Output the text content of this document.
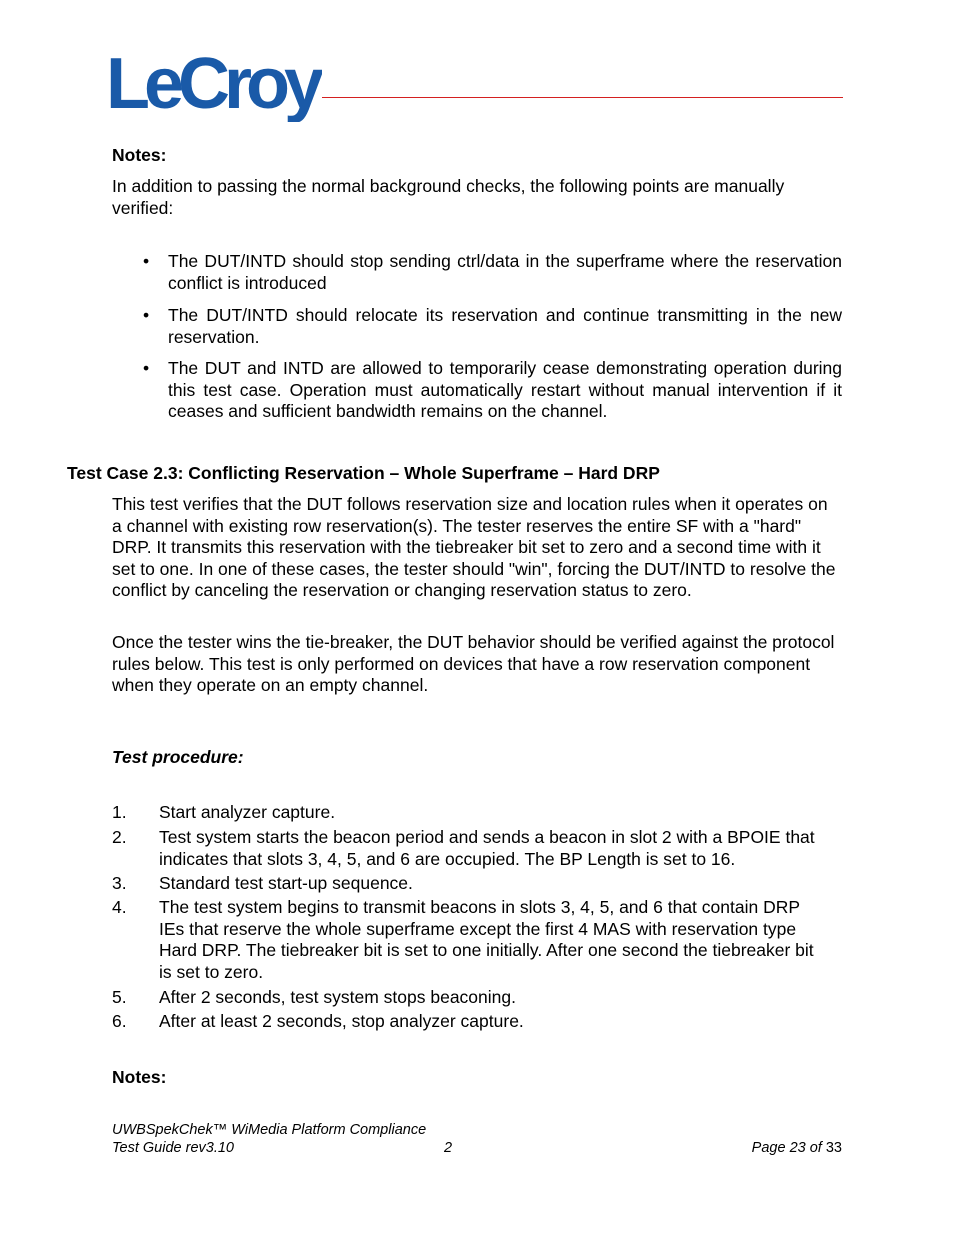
LeCroy
Notes:
In addition to passing the normal background checks, the following points are manually verified:
•	The DUT/INTD should stop sending ctrl/data in the superframe where the reservation conflict is introduced
•	The DUT/INTD should relocate its reservation and continue transmitting in the new reservation.
•	The DUT and INTD are allowed to temporarily cease demonstrating operation during this test case. Operation must automatically restart without manual intervention if it ceases and sufficient bandwidth remains on the channel.
Test Case 2.3: Conflicting Reservation – Whole Superframe – Hard DRP
This test verifies that the DUT follows reservation size and location rules when it operates on a channel with existing row reservation(s). The tester reserves the entire SF with a "hard" DRP. It transmits this reservation with the tiebreaker bit set to zero and a second time with it set to one. In one of these cases, the tester should "win", forcing the DUT/INTD to resolve the conflict by canceling the reservation or changing reservation status to zero.
Once the tester wins the tie-breaker, the DUT behavior should be verified against the protocol rules below. This test is only performed on devices that have a row reservation component when they operate on an empty channel.
Test procedure:
1.	Start analyzer capture.
2.	Test system starts the beacon period and sends a beacon in slot 2 with a BPOIE that indicates that slots 3, 4, 5, and 6 are occupied. The BP Length is set to 16.
3.	Standard test start-up sequence.
4.	The test system begins to transmit beacons in slots 3, 4, 5, and 6 that contain DRP IEs that reserve the whole superframe except the first 4 MAS with reservation type Hard DRP. The tiebreaker bit is set to one initially. After one second the tiebreaker bit is set to zero.
5.	After 2 seconds, test system stops beaconing.
6.	After at least 2 seconds, stop analyzer capture.
Notes:
UWBSpekChek™ WiMedia Platform Compliance
Test Guide rev3.10	2	Page 23 of 33
